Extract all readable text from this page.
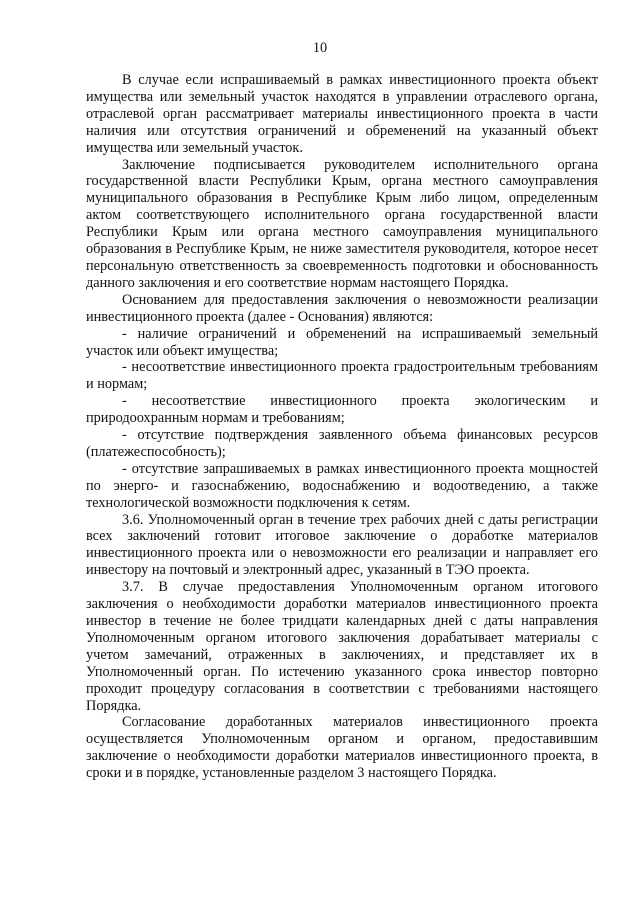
10

В случае если испрашиваемый в рамках инвестиционного проекта объект имущества или земельный участок находятся в управлении отраслевого органа, отраслевой орган рассматривает материалы инвестиционного проекта в части наличия или отсутствия ограничений и обременений на указанный объект имущества или земельный участок.

Заключение подписывается руководителем исполнительного органа государственной власти Республики Крым, органа местного самоуправления муниципального образования в Республике Крым либо лицом, определенным актом соответствующего исполнительного органа государственной власти Республики Крым или органа местного самоуправления муниципального образования в Республике Крым, не ниже заместителя руководителя, которое несет персональную ответственность за своевременность подготовки и обоснованность данного заключения и его соответствие нормам настоящего Порядка.

Основанием для предоставления заключения о невозможности реализации инвестиционного проекта (далее - Основания) являются:

- наличие ограничений и обременений на испрашиваемый земельный участок или объект имущества;

- несоответствие инвестиционного проекта градостроительным требованиям и нормам;

- несоответствие инвестиционного проекта экологическим и природоохранным нормам и требованиям;

- отсутствие подтверждения заявленного объема финансовых ресурсов (платежеспособность);

- отсутствие запрашиваемых в рамках инвестиционного проекта мощностей по энерго- и газоснабжению, водоснабжению и водоотведению, а также технологической возможности подключения к сетям.

3.6. Уполномоченный орган в течение трех рабочих дней с даты регистрации всех заключений готовит итоговое заключение о доработке материалов инвестиционного проекта или о невозможности его реализации и направляет его инвестору на почтовый и электронный адрес, указанный в ТЭО проекта.

3.7. В случае предоставления Уполномоченным органом итогового заключения о необходимости доработки материалов инвестиционного проекта инвестор в течение не более тридцати календарных дней с даты направления Уполномоченным органом итогового заключения дорабатывает материалы с учетом замечаний, отраженных в заключениях, и представляет их в Уполномоченный орган. По истечению указанного срока инвестор повторно проходит процедуру согласования в соответствии с требованиями настоящего Порядка.

Согласование доработанных материалов инвестиционного проекта осуществляется Уполномоченным органом и органом, предоставившим заключение о необходимости доработки материалов инвестиционного проекта, в сроки и в порядке, установленные разделом 3 настоящего Порядка.
